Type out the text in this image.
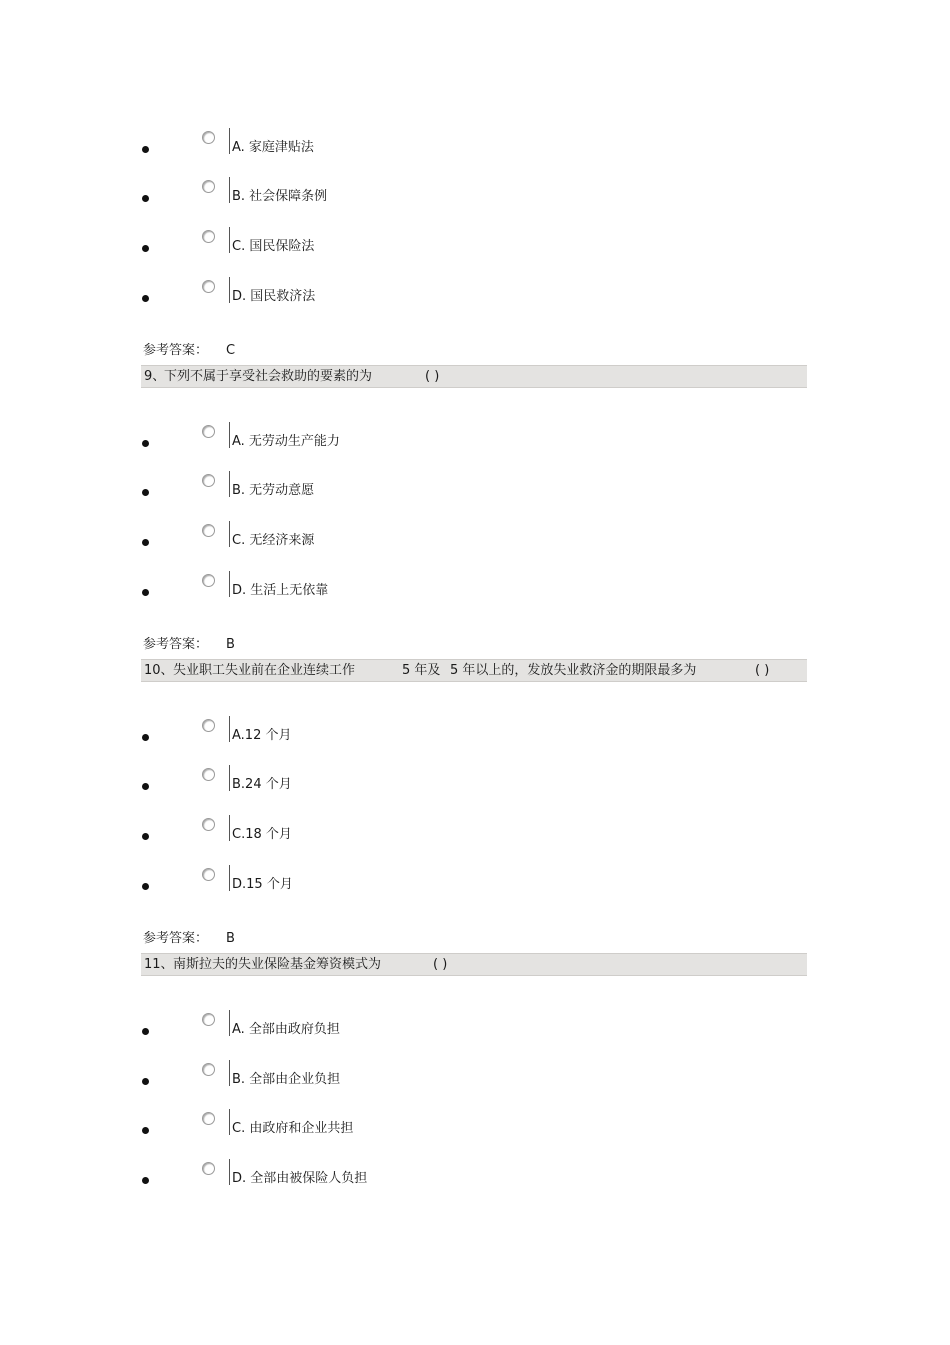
A. 家庭津贴法
B. 社会保障条例
C. 国民保险法
D. 国民救济法
参考答案： C
9、
下列不属于享受社会救助的要素的为	( )
A. 无劳动生产能力
B. 无劳动意愿
C. 无经济来源
D. 生活上无依靠
参考答案： B
10、 失业职工失业前在企业连续工作	5 年及 5 年以上的，发放失业救济金的期限最多为	( )
A.12 个月
B.24 个月
C.18 个月
D.15 个月
参考答案： B
11、 南斯拉夫的失业保险基金筹资模式为	( )
A. 全部由政府负担
B. 全部由企业负担
C. 由政府和企业共担
D. 全部由被保险人负担
